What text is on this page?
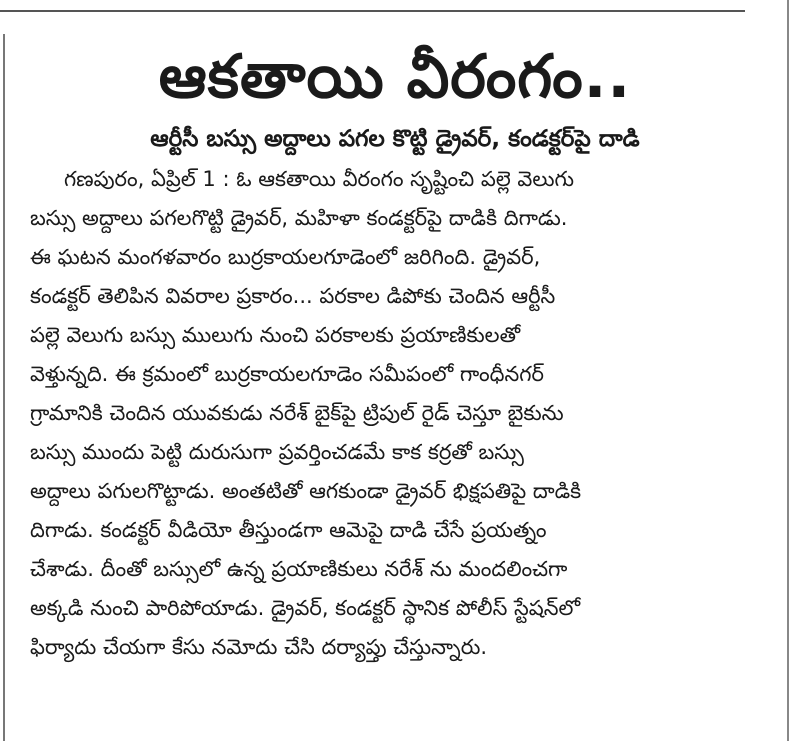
ఆకతాయి వీరంగం..
ఆర్టీసీ బస్సు అద్దాలు పగల కొట్టి డ్రైవర్, కండక్టర్‌పై దాడి
గణపురం, ఏప్రిల్ 1 : ఓ ఆకతాయి వీరంగం సృష్టించి పల్లె వెలుగు
బస్సు అద్దాలు పగలగొట్టి డ్రైవర్, మహిళా కండక్టర్‌పై దాడికి దిగాడు.
ఈ ఘటన మంగళవారం బుర్రకాయలగూడెంలో జరిగింది. డ్రైవర్,
కండక్టర్ తెలిపిన వివరాల ప్రకారం... పరకాల డిపోకు చెందిన ఆర్టీసీ
పల్లె వెలుగు బస్సు ములుగు నుంచి పరకాలకు ప్రయాణికులతో
వెళ్తున్నది. ఈ క్రమంలో బుర్రకాయలగూడెం సమీపంలో గాంధీనగర్
గ్రామానికి చెందిన యువకుడు నరేశ్ బైక్‌పై ట్రిపుల్ రైడ్ చెస్తూ బైకును
బస్సు ముందు పెట్టి దురుసుగా ప్రవర్తించడమే కాక కర్రతో బస్సు
అద్దాలు పగులగొట్టాడు. అంతటితో ఆగకుండా డ్రైవర్ భిక్షపతిపై దాడికి
దిగాడు. కండక్టర్ వీడియో తీస్తుండగా ఆమెపై దాడి చేసే ప్రయత్నం
చేశాడు. దీంతో బస్సులో ఉన్న ప్రయాణికులు నరేశ్ ను మందలించగా
అక్కడి నుంచి పారిపోయాడు. డ్రైవర్, కండక్టర్ స్థానిక పోలీస్ స్టేషన్‌లో
ఫిర్యాదు చేయగా కేసు నమోదు చేసి దర్యాప్తు చేస్తున్నారు.
